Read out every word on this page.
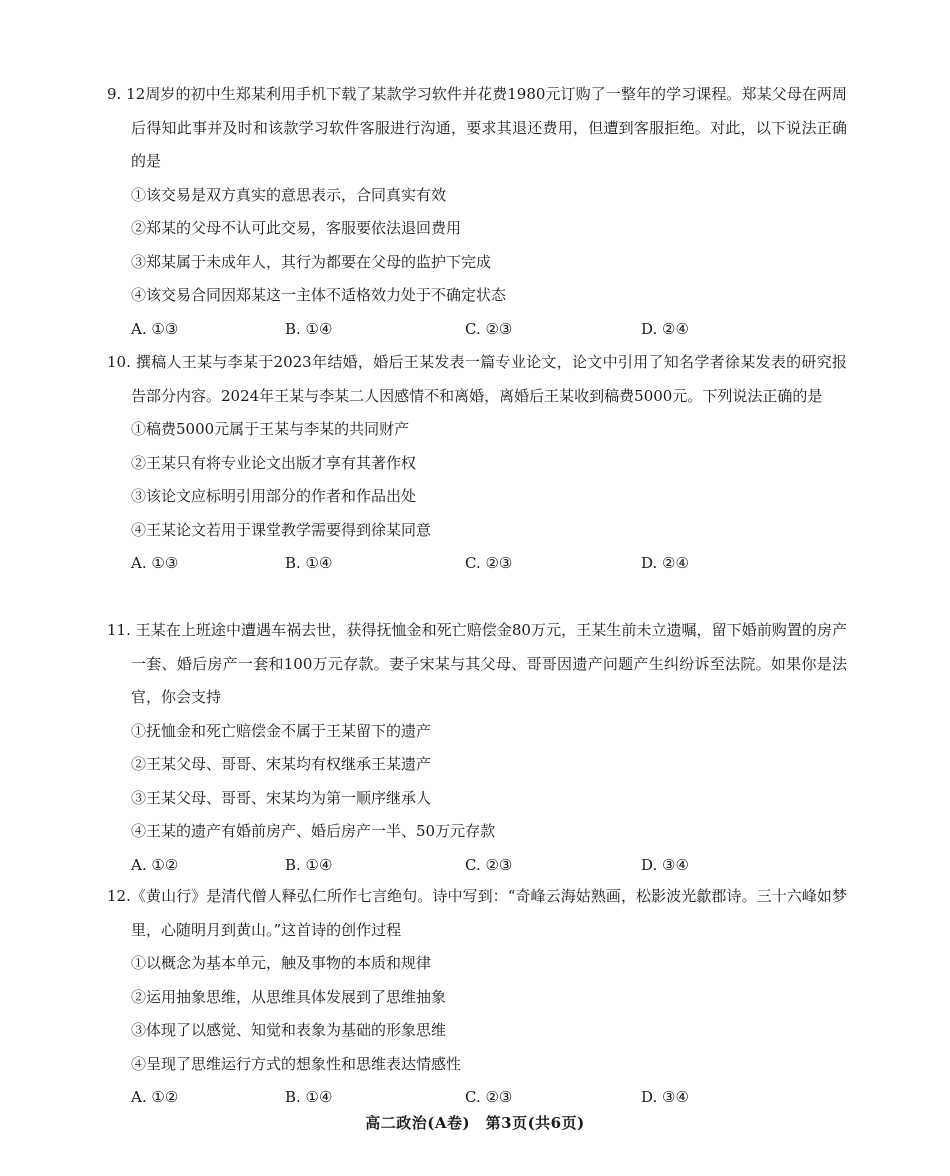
9. 12周岁的初中生郑某利用手机下载了某款学习软件并花费1980元订购了一整年的学习课程。郑某父母在两周后得知此事并及时和该款学习软件客服进行沟通，要求其退还费用，但遭到客服拒绝。对此，以下说法正确的是

①该交易是双方真实的意思表示，合同真实有效

②郑某的父母不认可此交易，客服要依法退回费用

③郑某属于未成年人，其行为都要在父母的监护下完成

④该交易合同因郑某这一主体不适格效力处于不确定状态

A. ①③	B. ①④	C. ②③	D. ②④

10. 撰稿人王某与李某于2023年结婚，婚后王某发表一篇专业论文，论文中引用了知名学者徐某发表的研究报告部分内容。2024年王某与李某二人因感情不和离婚，离婚后王某收到稿费5000元。下列说法正确的是

①稿费5000元属于王某与李某的共同财产

②王某只有将专业论文出版才享有其著作权

③该论文应标明引用部分的作者和作品出处

④王某论文若用于课堂教学需要得到徐某同意

A. ①③	B. ①④	C. ②③	D. ②④

11. 王某在上班途中遭遇车祸去世，获得抚恤金和死亡赔偿金80万元，王某生前未立遗嘱，留下婚前购置的房产一套、婚后房产一套和100万元存款。妻子宋某与其父母、哥哥因遗产问题产生纠纷诉至法院。如果你是法官，你会支持

①抚恤金和死亡赔偿金不属于王某留下的遗产

②王某父母、哥哥、宋某均有权继承王某遗产

③王某父母、哥哥、宋某均为第一顺序继承人

④王某的遗产有婚前房产、婚后房产一半、50万元存款

A. ①②	B. ①④	C. ②③	D. ③④

12.《黄山行》是清代僧人释弘仁所作七言绝句。诗中写到：“奇峰云海姑熟画，松影波光歙郡诗。三十六峰如梦里，心随明月到黄山。”这首诗的创作过程

①以概念为基本单元，触及事物的本质和规律

②运用抽象思维，从思维具体发展到了思维抽象

③体现了以感觉、知觉和表象为基础的形象思维

④呈现了思维运行方式的想象性和思维表达情感性

A. ①②	B. ①④	C. ②③	D. ③④
高二政治(A卷)　第3页(共6页)
